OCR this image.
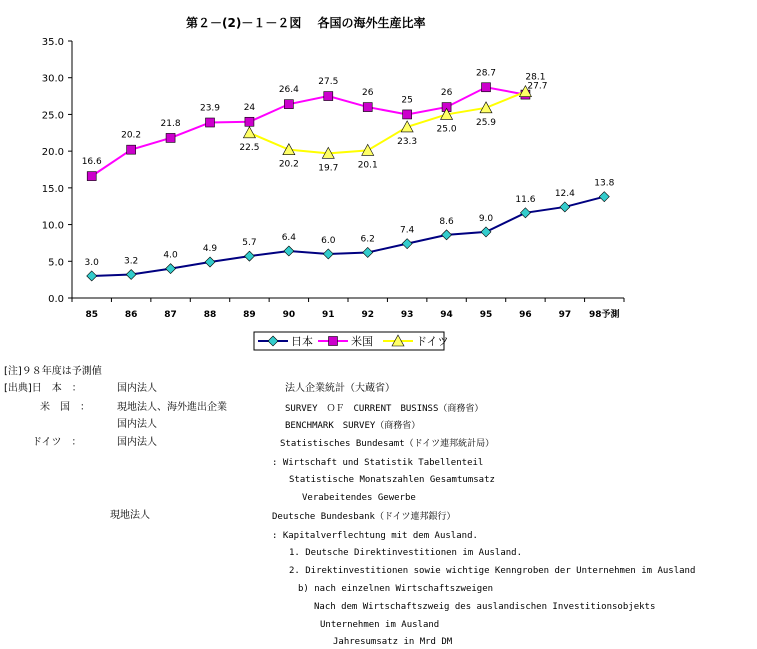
第２－(2)－１－２図　 各国の海外生産比率
0.0
5.0
10.0
15.0
20.0
25.0
30.0
35.0
85	86	87	88	89	90	91	92	93	94	95	96	97 98予測
3.0	3.2
4.0
4.9
5.7
6.4	6.0	6.2
7.4
8.6	9.0
11.6
12.4
13.8
16.6
20.2
21.8
23.9	24
26.4
27.5
26
25
26
28.7
27.7
22.5
20.2 19.7 20.1
23.3
25.0
25.9
28.1
日本	米国	ドイツ
[注]９８年度は予測値
[出典]日　本　：	国内法人	法人企業統計（大蔵省）
米　国　：	現地法人、海外進出企業	SURVEY　ＯＦ　CURRENT　BUSINSS（商務省）
国内法人	BENCHMARK　SURVEY（商務省）
ドイツ　：	国内法人	Statistisches Bundesamt（ドイツ連邦統計局）
: Wirtschaft und Statistik Tabellenteil
Statistische Monatszahlen Gesamtumsatz
Verabeitendes Gewerbe
現地法人	Deutsche Bundesbank（ドイツ連邦銀行）
: Kapitalverflechtung mit dem Ausland.
1. Deutsche Direktinvestitionen im Ausland.
2. Direktinvestitionen sowie wichtige Kenngroben der Unternehmen im Ausland
b) nach einzelnen Wirtschaftszweigen
Nach dem Wirtschaftszweig des auslandischen Investitionsobjekts
Unternehmen im Ausland
Jahresumsatz in Mrd DM
